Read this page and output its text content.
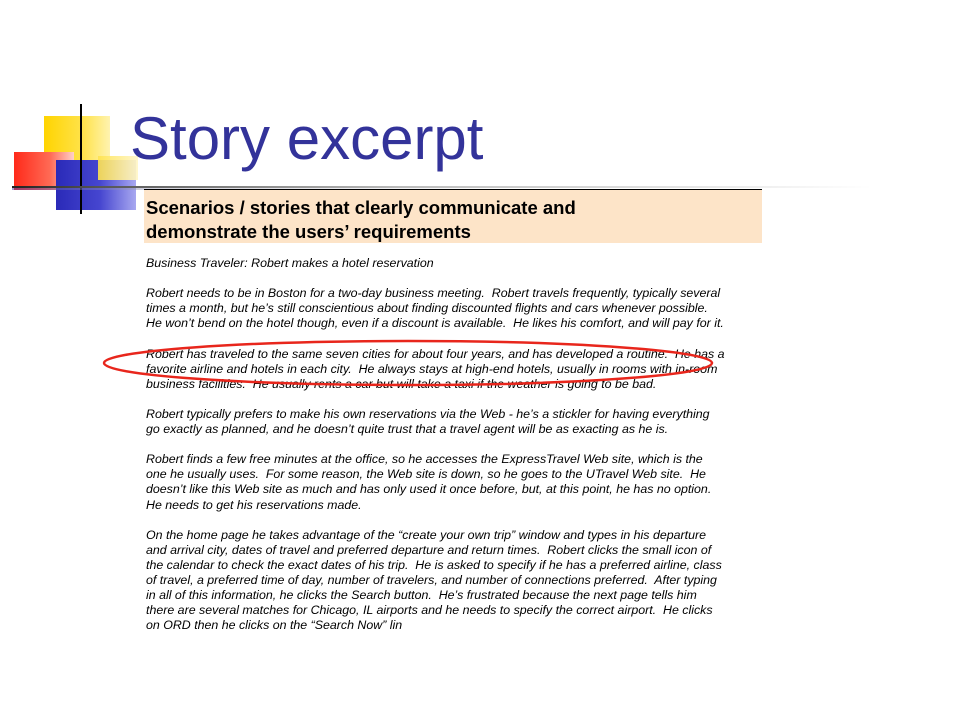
Story excerpt
Scenarios / stories that clearly communicate and
demonstrate the users’ requirements
Business Traveler: Robert makes a hotel reservation
Robert needs to be in Boston for a two-day business meeting.  Robert travels frequently, typically several
times a month, but he’s still conscientious about finding discounted flights and cars whenever possible.
He won’t bend on the hotel though, even if a discount is available.  He likes his comfort, and will pay for it.
Robert has traveled to the same seven cities for about four years, and has developed a routine.  He has a
favorite airline and hotels in each city.  He always stays at high-end hotels, usually in rooms with in-room
business facilities.  He usually rents a car but will take a taxi if the weather is going to be bad.
Robert typically prefers to make his own reservations via the Web - he’s a stickler for having everything
go exactly as planned, and he doesn’t quite trust that a travel agent will be as exacting as he is.
Robert finds a few free minutes at the office, so he accesses the ExpressTravel Web site, which is the
one he usually uses.  For some reason, the Web site is down, so he goes to the UTravel Web site.  He
doesn’t like this Web site as much and has only used it once before, but, at this point, he has no option.
He needs to get his reservations made.
On the home page he takes advantage of the “create your own trip” window and types in his departure
and arrival city, dates of travel and preferred departure and return times.  Robert clicks the small icon of
the calendar to check the exact dates of his trip.  He is asked to specify if he has a preferred airline, class
of travel, a preferred time of day, number of travelers, and number of connections preferred.  After typing
in all of this information, he clicks the Search button.  He’s frustrated because the next page tells him
there are several matches for Chicago, IL airports and he needs to specify the correct airport.  He clicks
on ORD then he clicks on the “Search Now” lin
